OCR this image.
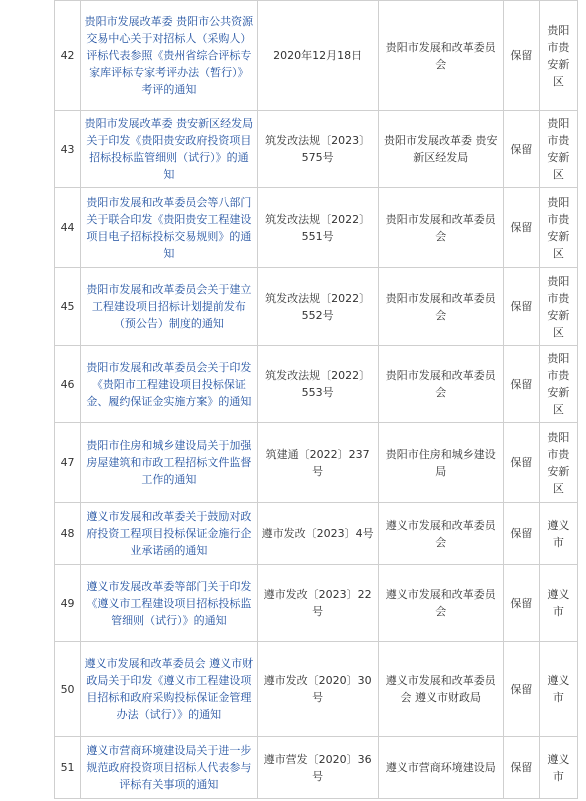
42	贵阳市发展改革委 贵阳市公共资源交易中心关于对招标人（采购人）评标代表参照《贵州省综合评标专家库评标专家考评办法（暂行）》考评的通知	2020年12月18日	贵阳市发展和改革委员会	保留	贵阳市贵安新区
43	贵阳市发展改革委 贵安新区经发局关于印发《贵阳贵安政府投资项目招标投标监管细则（试行）》的通知	筑发改法规〔2023〕575号	贵阳市发展改革委 贵安新区经发局	保留	贵阳市贵安新区
44	贵阳市发展和改革委员会等八部门关于联合印发《贵阳贵安工程建设项目电子招标投标交易规则》的通知	筑发改法规〔2022〕551号	贵阳市发展和改革委员会	保留	贵阳市贵安新区
45	贵阳市发展和改革委员会关于建立工程建设项目招标计划提前发布（预公告）制度的通知	筑发改法规〔2022〕552号	贵阳市发展和改革委员会	保留	贵阳市贵安新区
46	贵阳市发展和改革委员会关于印发《贵阳市工程建设项目投标保证金、履约保证金实施方案》的通知	筑发改法规〔2022〕553号	贵阳市发展和改革委员会	保留	贵阳市贵安新区
47	贵阳市住房和城乡建设局关于加强房屋建筑和市政工程招标文件监督工作的通知	筑建通〔2022〕237号	贵阳市住房和城乡建设局	保留	贵阳市贵安新区
48	遵义市发展和改革委关于鼓励对政府投资工程项目投标保证金施行企业承诺函的通知	遵市发改〔2023〕4号	遵义市发展和改革委员会	保留	遵义市
49	遵义市发展改革委等部门关于印发《遵义市工程建设项目招标投标监管细则（试行）》的通知	遵市发改〔2023〕22号	遵义市发展和改革委员会	保留	遵义市
50	遵义市发展和改革委员会 遵义市财政局关于印发《遵义市工程建设项目招标和政府采购投标保证金管理办法（试行）》的通知	遵市发改〔2020〕30号	遵义市发展和改革委员会 遵义市财政局	保留	遵义市
51	遵义市营商环境建设局关于进一步规范政府投资项目招标人代表参与评标有关事项的通知	遵市营发〔2020〕36号	遵义市营商环境建设局	保留	遵义市
